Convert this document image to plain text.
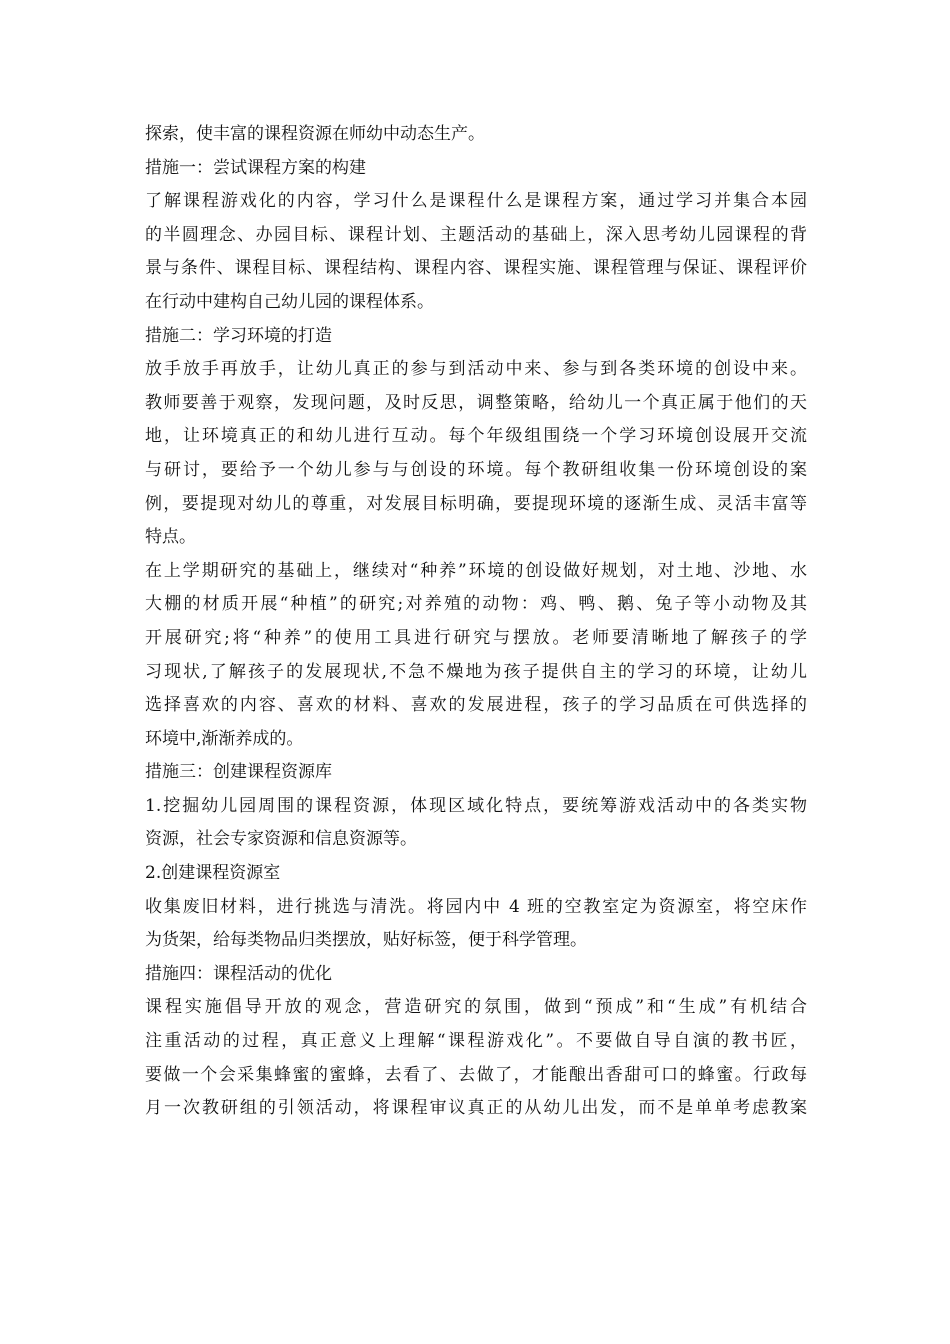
探索，使丰富的课程资源在师幼中动态生产。
措施一：尝试课程方案的构建
了解课程游戏化的内容，学习什么是课程什么是课程方案，通过学习并集合本园
的半圆理念、办园目标、课程计划、主题活动的基础上，深入思考幼儿园课程的背
景与条件、课程目标、课程结构、课程内容、课程实施、课程管理与保证、课程评价
在行动中建构自己幼儿园的课程体系。
措施二：学习环境的打造
放手放手再放手，让幼儿真正的参与到活动中来、参与到各类环境的创设中来。
教师要善于观察，发现问题，及时反思，调整策略，给幼儿一个真正属于他们的天
地，让环境真正的和幼儿进行互动。每个年级组围绕一个学习环境创设展开交流
与研讨，要给予一个幼儿参与与创设的环境。每个教研组收集一份环境创设的案
例，要提现对幼儿的尊重，对发展目标明确，要提现环境的逐渐生成、灵活丰富等
特点。
在上学期研究的基础上，继续对“种养”环境的创设做好规划，对土地、沙地、水
大棚的材质开展“种植”的研究;对养殖的动物：鸡、鸭、鹅、兔子等小动物及其
开展研究;将“种养”的使用工具进行研究与摆放。老师要清晰地了解孩子的学
习现状,了解孩子的发展现状,不急不燥地为孩子提供自主的学习的环境，让幼儿
选择喜欢的内容、喜欢的材料、喜欢的发展进程，孩子的学习品质在可供选择的
环境中,渐渐养成的。
措施三：创建课程资源库
1.挖掘幼儿园周围的课程资源，体现区域化特点，要统筹游戏活动中的各类实物
资源，社会专家资源和信息资源等。
2.创建课程资源室
收集废旧材料，进行挑选与清洗。将园内中 4 班的空教室定为资源室，将空床作
为货架，给每类物品归类摆放，贴好标签，便于科学管理。
措施四：课程活动的优化
课程实施倡导开放的观念，营造研究的氛围，做到“预成”和“生成”有机结合
注重活动的过程，真正意义上理解“课程游戏化”。不要做自导自演的教书匠，
要做一个会采集蜂蜜的蜜蜂，去看了、去做了，才能酿出香甜可口的蜂蜜。行政每
月一次教研组的引领活动，将课程审议真正的从幼儿出发，而不是单单考虑教案
